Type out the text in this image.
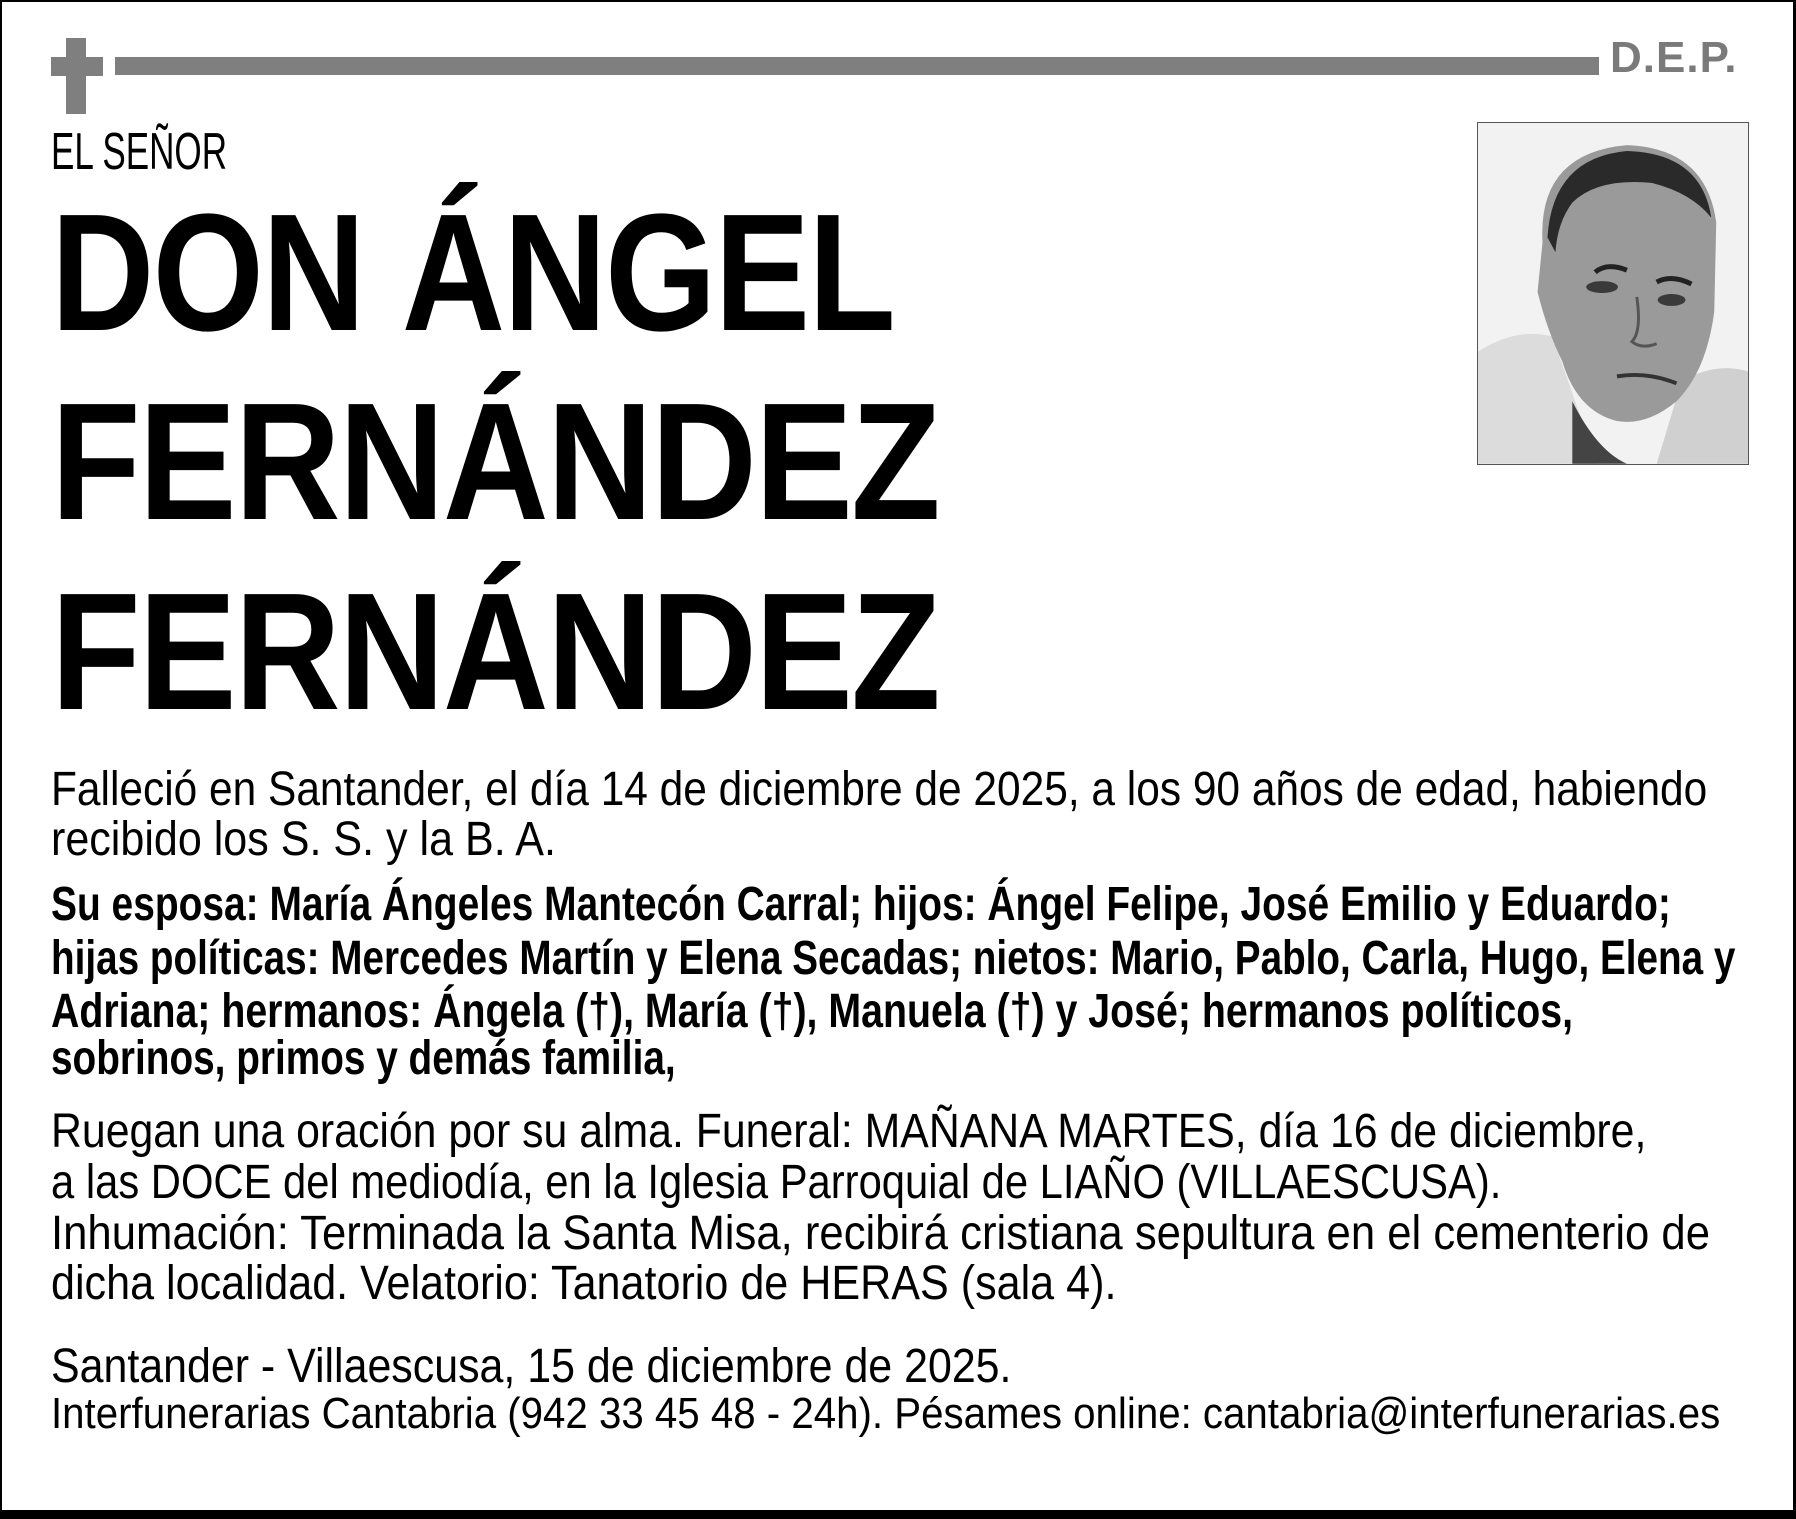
D.E.P.
EL SEÑOR
DON ÁNGEL
FERNÁNDEZ
FERNÁNDEZ
Falleció en Santander, el día 14 de diciembre de 2025, a los 90 años de edad, habiendo
recibido los S. S. y la B. A.
Su esposa: María Ángeles Mantecón Carral; hijos: Ángel Felipe, José Emilio y Eduardo;
hijas políticas: Mercedes Martín y Elena Secadas; nietos: Mario, Pablo, Carla, Hugo, Elena y
Adriana; hermanos: Ángela (†), María (†), Manuela (†) y José; hermanos políticos,
sobrinos, primos y demás familia,
Ruegan una oración por su alma. Funeral: MAÑANA MARTES, día 16 de diciembre,
a las DOCE del mediodía, en la Iglesia Parroquial de LIAÑO (VILLAESCUSA).
Inhumación: Terminada la Santa Misa, recibirá cristiana sepultura en el cementerio de
dicha localidad. Velatorio: Tanatorio de HERAS (sala 4).
Santander - Villaescusa, 15 de diciembre de 2025.
Interfunerarias Cantabria (942 33 45 48 - 24h). Pésames online: cantabria@interfunerarias.es
